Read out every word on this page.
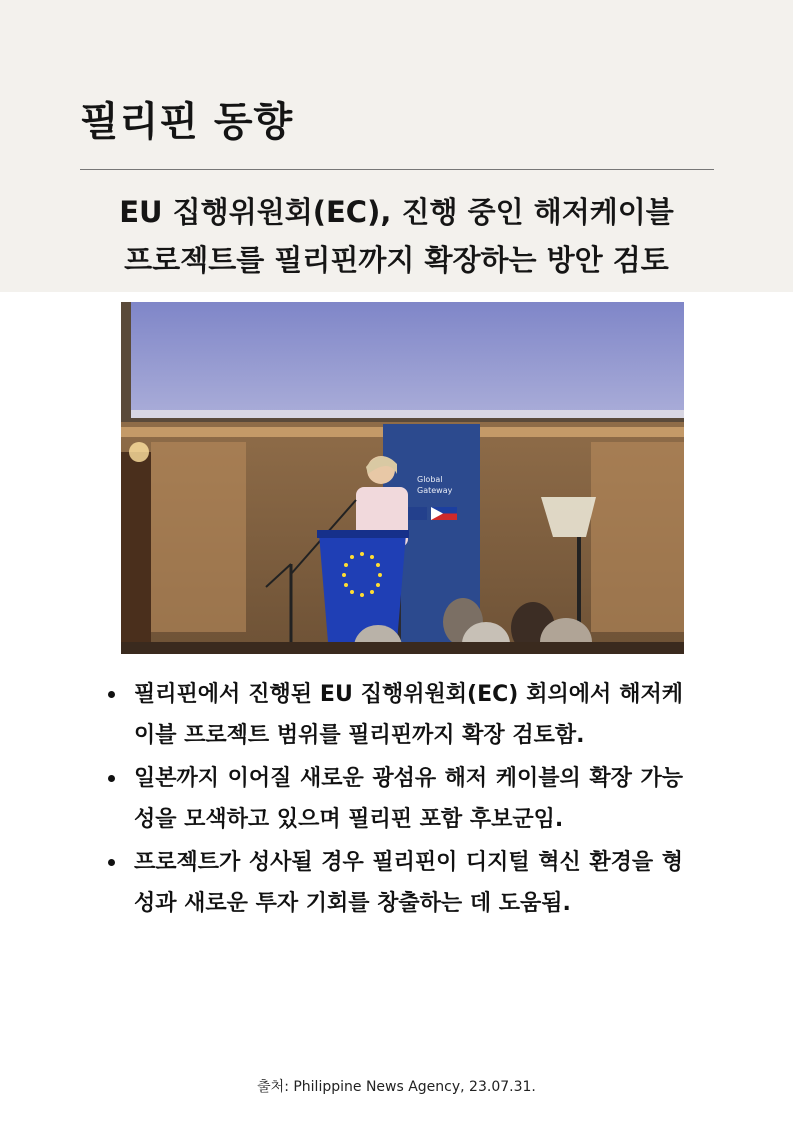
필리핀 동향
EU 집행위원회(EC), 진행 중인 해저케이블
프로젝트를 필리핀까지 확장하는 방안 검토
Global
Gateway
필리핀에서 진행된 EU 집행위원회(EC) 회의에서 해저케이블 프로젝트 범위를 필리핀까지 확장 검토함.
일본까지 이어질 새로운 광섬유 해저 케이블의 확장 가능성을 모색하고 있으며 필리핀 포함 후보군임.
프로젝트가 성사될 경우 필리핀이 디지털 혁신 환경을 형성과 새로운 투자 기회를 창출하는 데 도움됨.
출처: Philippine News Agency, 23.07.31.
